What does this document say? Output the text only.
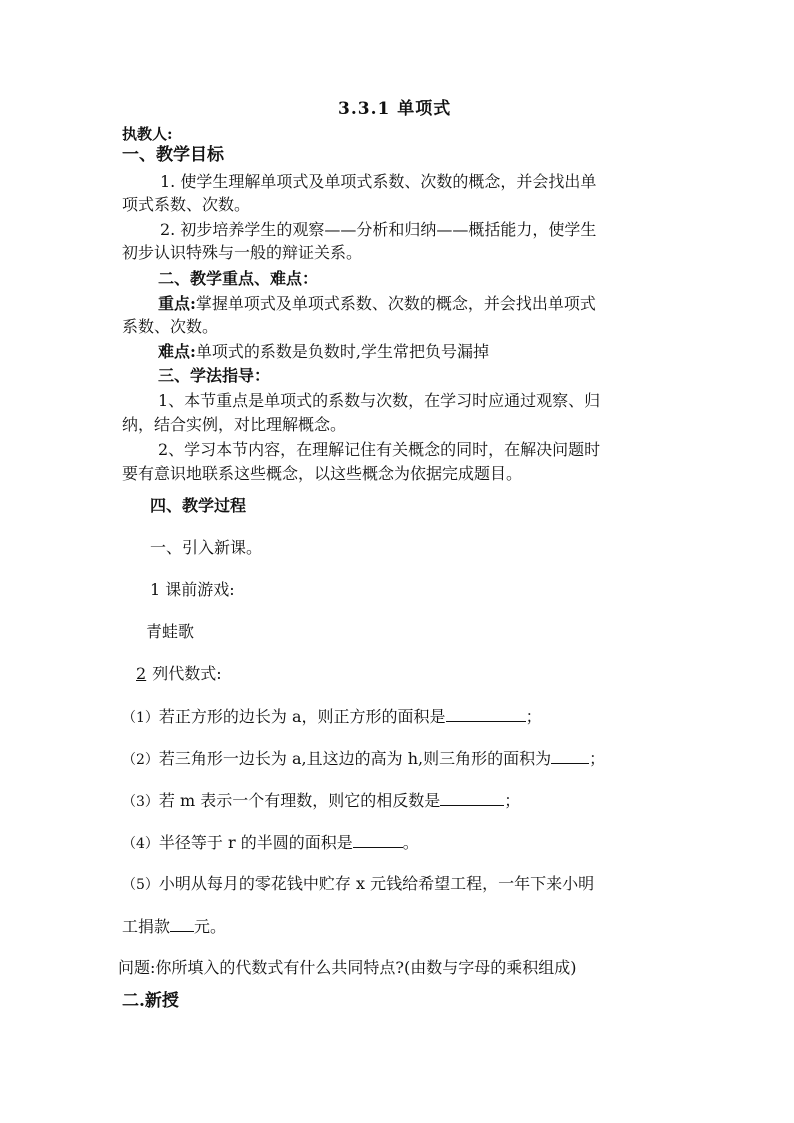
3.3.1 单项式
执教人:
一、教学目标
1. 使学生理解单项式及单项式系数、次数的概念，并会找出单
项式系数、次数。
2. 初步培养学生的观察——分析和归纳——概括能力，使学生
初步认识特殊与一般的辩证关系。
二、教学重点、难点：
重点:掌握单项式及单项式系数、次数的概念，并会找出单项式
系数、次数。
难点:单项式的系数是负数时,学生常把负号漏掉
三、学法指导：
1、本节重点是单项式的系数与次数，在学习时应通过观察、归
纳，结合实例，对比理解概念。
2、学习本节内容，在理解记住有关概念的同时，在解决问题时
要有意识地联系这些概念，以这些概念为依据完成题目。
四、教学过程
一、引入新课。
1 课前游戏:
青蛙歌
2 列代数式:
（1）若正方形的边长为 a，则正方形的面积是	；
（2）若三角形一边长为 a,且这边的高为 h,则三角形的面积为 ；
（3）若 m 表示一个有理数，则它的相反数是	；
（4）半径等于 r 的半圆的面积是	。
（5）小明从每月的零花钱中贮存 x 元钱给希望工程，一年下来小明
工捐款 元。
问题:你所填入的代数式有什么共同特点?(由数与字母的乘积组成)
二.新授
